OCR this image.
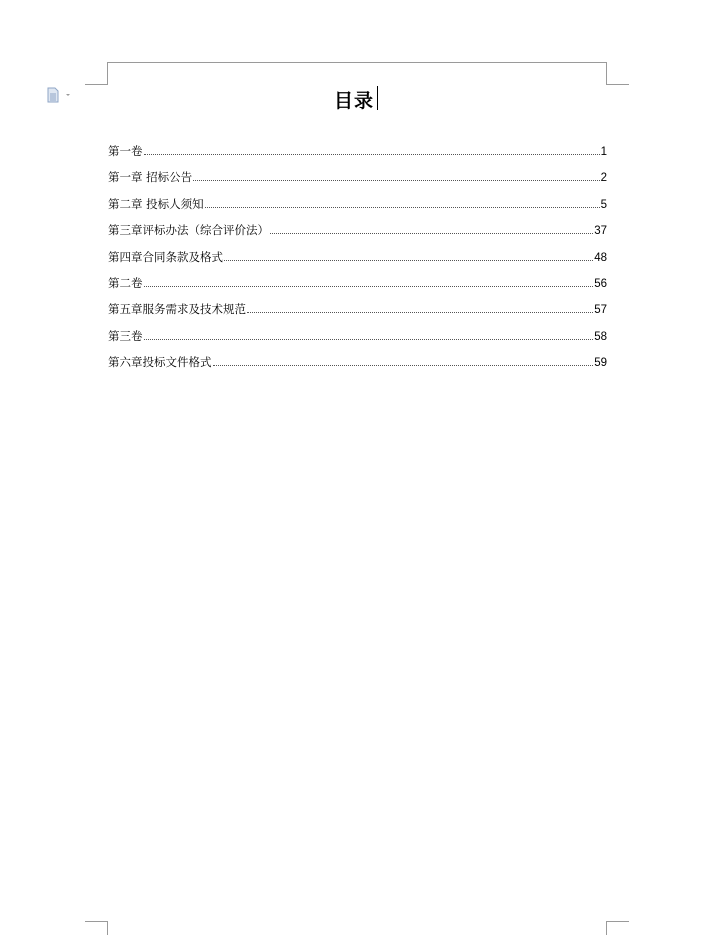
目录
第一卷	1
第一章 招标公告	2
第二章 投标人须知	5
第三章评标办法（综合评价法）	37
第四章合同条款及格式	48
第二卷	56
第五章服务需求及技术规范	57
第三卷	58
第六章投标文件格式	59
